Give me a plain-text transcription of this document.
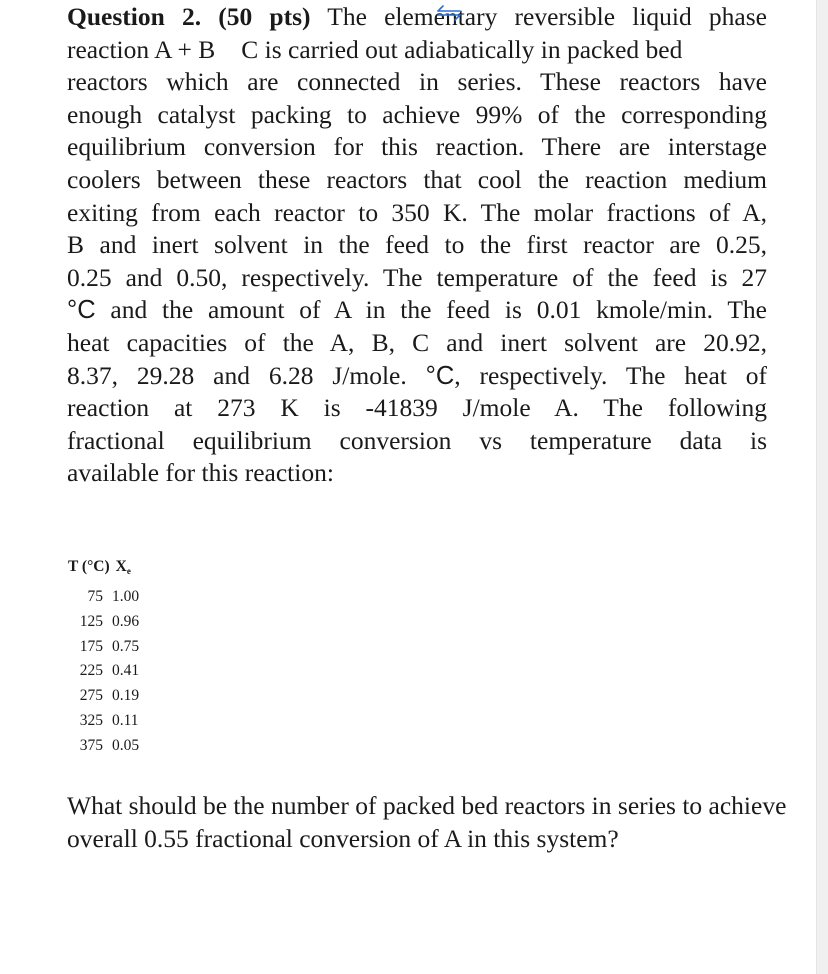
Question 2. (50 pts) The elementary reversible liquid phase
reaction A + B C is carried out adiabatically in packed bed
reactors which are connected in series. These reactors have
enough catalyst packing to achieve 99% of the corresponding
equilibrium conversion for this reaction. There are interstage
coolers between these reactors that cool the reaction medium
exiting from each reactor to 350 K. The molar fractions of A,
B and inert solvent in the feed to the first reactor are 0.25,
0.25 and 0.50, respectively. The temperature of the feed is 27
°C and the amount of A in the feed is 0.01 kmole/min. The
heat capacities of the A, B, C and inert solvent are 20.92,
8.37, 29.28 and 6.28 J/mole. °C, respectively. The heat of
reaction at 273 K is -41839 J/mole A. The following
fractional equilibrium conversion vs temperature data is
available for this reaction:
T (°C) $X_e$
75 1.00
125 0.96
175 0.75
225 0.41
275 0.19
325 0.11
375 0.05

What should be the number of packed bed reactors in series to achieve overall 0.55 fractional conversion of A in this system?
